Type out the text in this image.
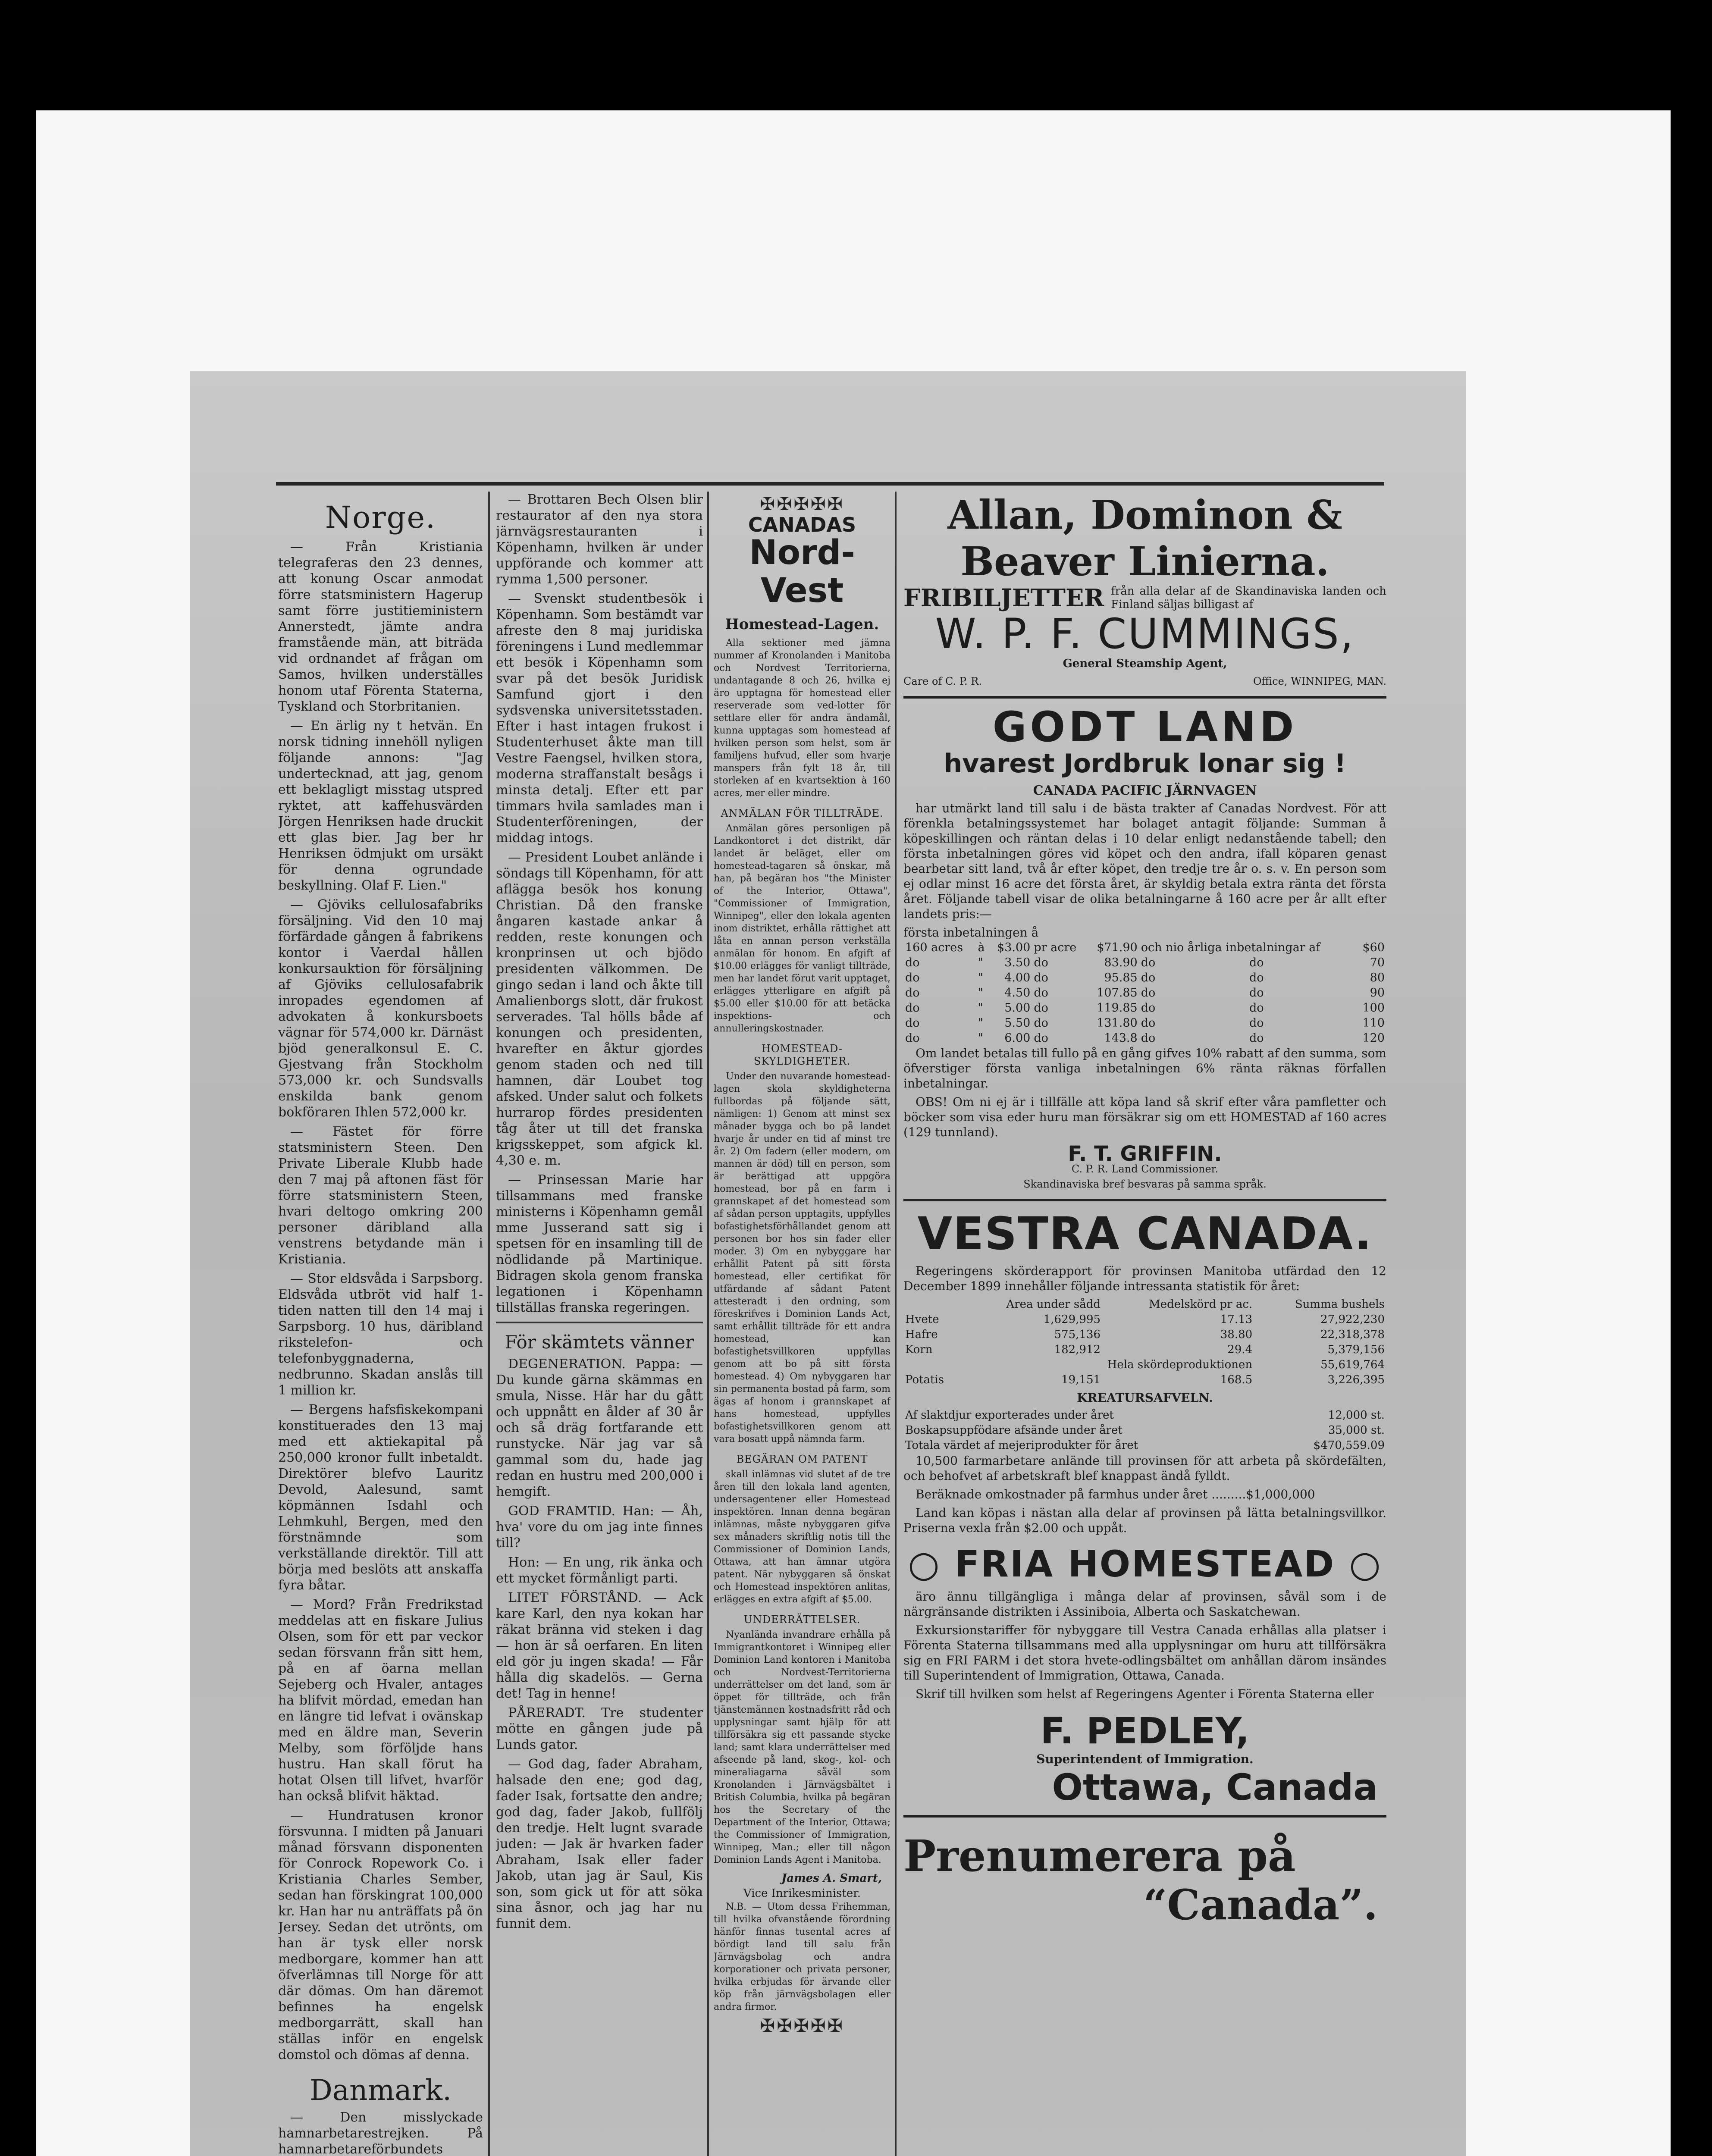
Norge.

— Från Kristiania telegraferas den 23 dennes, att konung Oscar anmodat förre statsministern Hagerup samt förre justitieministern Annerstedt, jämte andra framstående män, att biträda vid ordnandet af frågan om Samos, hvilken underställes honom utaf Förenta Staterna, Tyskland och Storbritanien.

— En ärlig ny t hetvän. En norsk tidning innehöll nyligen följande annons: "Jag undertecknad, att jag, genom ett beklagligt misstag utspred ryktet, att kaffehusvärden Jörgen Henriksen hade druckit ett glas bier. Jag ber hr Henriksen ödmjukt om ursäkt för denna ogrundade beskyllning. Olaf F. Lien."

— Gjöviks cellulosafabriks försäljning. Vid den 10 maj förfärdade gången å fabrikens kontor i Vaerdal hållen konkursauktion för försäljning af Gjöviks cellulosafabrik inropades egendomen af advokaten å konkursboets vägnar för 574,000 kr. Därnäst bjöd generalkonsul E. C. Gjestvang från Stockholm 573,000 kr. och Sundsvalls enskilda bank genom bokföraren Ihlen 572,000 kr.

— Fästet för förre statsministern Steen. Den Private Liberale Klubb hade den 7 maj på aftonen fäst för förre statsministern Steen, hvari deltogo omkring 200 personer däribland alla venstrens betydande män i Kristiania.

— Stor eldsvåda i Sarpsborg. Eldsvåda utbröt vid half 1-tiden natten till den 14 maj i Sarpsborg. 10 hus, däribland rikstelefon- och telefonbyggnaderna, nedbrunno. Skadan anslås till 1 million kr.

— Bergens hafsfiskekompani konstituerades den 13 maj med ett aktiekapital på 250,000 kronor fullt inbetaldt. Direktörer blefvo Lauritz Devold, Aalesund, samt köpmännen Isdahl och Lehmkuhl, Bergen, med den förstnämnde som verkställande direktör. Till att börja med beslöts att anskaffa fyra båtar.

— Mord? Från Fredrikstad meddelas att en fiskare Julius Olsen, som för ett par veckor sedan försvann från sitt hem, på en af öarna mellan Sejeberg och Hvaler, antages ha blifvit mördad, emedan han en längre tid lefvat i ovänskap med en äldre man, Severin Melby, som förföljde hans hustru. Han skall förut ha hotat Olsen till lifvet, hvarför han också blifvit häktad.

— Hundratusen kronor försvunna. I midten på Januari månad försvann disponenten för Conrock Ropework Co. i Kristiania Charles Sember, sedan han förskingrat 100,000 kr. Han har nu anträffats på ön Jersey. Sedan det utrönts, om han är tysk eller norsk medborgare, kommer han att öfverlämnas till Norge för att där dömas. Om han däremot befinnes ha engelsk medborgarrätt, skall han ställas inför en engelsk domstol och dömas af denna.

Danmark.

— Den misslyckade hamnarbetarestrejken. På hamnarbetareförbundets

— Brottaren Bech Olsen blir restaurator af den nya stora järnvägsrestauranten i Köpenhamn, hvilken är under uppförande och kommer att rymma 1,500 personer.

— Svenskt studentbesök i Köpenhamn. Som bestämdt var afreste den 8 maj juridiska föreningens i Lund medlemmar ett besök i Köpenhamn som svar på det besök Juridisk Samfund gjort i den sydsvenska universitetsstaden. Efter i hast intagen frukost i Studenterhuset åkte man till Vestre Faengsel, hvilken stora, moderna straffanstalt besågs i minsta detalj. Efter ett par timmars hvila samlades man i Studenterföreningen, der middag intogs.

— President Loubet anlände i söndags till Köpenhamn, för att aflägga besök hos konung Christian. Då den franske ångaren kastade ankar å redden, reste konungen och kronprinsen ut och bjödo presidenten välkommen. De gingo sedan i land och åkte till Amalienborgs slott, där frukost serverades. Tal hölls både af konungen och presidenten, hvarefter en åktur gjordes genom staden och ned till hamnen, där Loubet tog afsked. Under salut och folkets hurrarop fördes presidenten tåg åter ut till det franska krigsskeppet, som afgick kl. 4,30 e. m.

— Prinsessan Marie har tillsammans med franske ministerns i Köpenhamn gemål mme Jusserand satt sig i spetsen för en insamling till de nödlidande på Martinique. Bidragen skola genom franska legationen i Köpenhamn tillställas franska regeringen.

För skämtets vänner

DEGENERATION. Pappa: — Du kunde gärna skämmas en smula, Nisse. Här har du gått och uppnått en ålder af 30 år och så dräg fortfarande ett runstycke. När jag var så gammal som du, hade jag redan en hustru med 200,000 i hemgift.

GOD FRAMTID. Han: — Åh, hva' vore du om jag inte finnes till?

Hon: — En ung, rik änka och ett mycket förmånligt parti.

LITET FÖRSTÅND. — Ack kare Karl, den nya kokan har räkat bränna vid steken i dag — hon är så oerfaren. En liten eld gör ju ingen skada! — Får hålla dig skadelös. — Gerna det! Tag in henne!

PÅRERADT. Tre studenter mötte en gången jude på Lunds gator.

— God dag, fader Abraham, halsade den ene; god dag, fader Isak, fortsatte den andre; god dag, fader Jakob, fullfölj den tredje. Helt lugnt svarade juden: — Jak är hvarken fader Abraham, Isak eller fader Jakob, utan jag är Saul, Kis son, som gick ut för att söka sina åsnor, och jag har nu funnit dem.

✠✠✠✠✠
CANADAS
Nord-Vest
Homestead-Lagen.

Alla sektioner med jämna nummer af Kronolanden i Manitoba och Nordvest Territorierna, undantagande 8 och 26, hvilka ej äro upptagna för homestead eller reserverade som ved-lotter för settlare eller för andra ändamål, kunna upptagas som homestead af hvilken person som helst, som är familjens hufvud, eller som hvarje manspers från fylt 18 år, till storleken af en kvartsektion à 160 acres, mer eller mindre.

ANMÄLAN FÖR TILLTRÄDE.

Anmälan göres personligen på Landkontoret i det distrikt, där landet är beläget, eller om homestead-tagaren så önskar, må han, på begäran hos "the Minister of the Interior, Ottawa", "Commissioner of Immigration, Winnipeg", eller den lokala agenten inom distriktet, erhålla rättighet att låta en annan person verkställa anmälan för honom. En afgift af $10.00 erlägges för vanligt tillträde, men har landet förut varit upptaget, erlägges ytterligare en afgift på $5.00 eller $10.00 för att betäcka inspektions- och annulleringskostnader.

HOMESTEAD-SKYLDIGHETER.

Under den nuvarande homestead-lagen skola skyldigheterna fullbordas på följande sätt, nämligen: 1) Genom att minst sex månader bygga och bo på landet hvarje år under en tid af minst tre år. 2) Om fadern (eller modern, om mannen är död) till en person, som är berättigad att uppgöra homestead, bor på en farm i grannskapet af det homestead som af sådan person upptagits, uppfylles bofastighetsförhållandet genom att personen bor hos sin fader eller moder. 3) Om en nybyggare har erhållit Patent på sitt första homestead, eller certifikat för utfärdande af sådant Patent attesteradt i den ordning, som föreskrifves i Dominion Lands Act, samt erhållit tillträde för ett andra homestead, kan bofastighetsvillkoren uppfyllas genom att bo på sitt första homestead. 4) Om nybyggaren har sin permanenta bostad på farm, som ägas af honom i grannskapet af hans homestead, uppfylles bofastighetsvillkoren genom att vara bosatt uppå nämnda farm.

BEGÄRAN OM PATENT

skall inlämnas vid slutet af de tre åren till den lokala land agenten, undersagentener eller Homestead inspektören. Innan denna begäran inlämnas, måste nybyggaren gifva sex månaders skriftlig notis till the Commissioner of Dominion Lands, Ottawa, att han ämnar utgöra patent. När nybyggaren så önskat och Homestead inspektören anlitas, erlägges en extra afgift af $5.00.

UNDERRÄTTELSER.

Nyanlända invandrare erhålla på Immigrantkontoret i Winnipeg eller Dominion Land kontoren i Manitoba och Nordvest-Territorierna underrättelser om det land, som är öppet för tillträde, och från tjänstemännen kostnadsfritt råd och upplysningar samt hjälp för att tillförsäkra sig ett passande stycke land; samt klara underrättelser med afseende på land, skog-, kol- och mineraliagarna såväl som Kronolanden i Järnvägsbältet i British Columbia, hvilka på begäran hos the Secretary of the Department of the Interior, Ottawa; the Commissioner of Immigration, Winnipeg, Man.; eller till någon Dominion Lands Agent i Manitoba.

James A. Smart,
Vice Inrikesminister.

N.B. — Utom dessa Frihemman, till hvilka ofvanstående förordning hänför finnas tusental acres af bördigt land till salu från Järnvägsbolag och andra korporationer och privata personer, hvilka erbjudas för ärvande eller köp från järnvägsbolagen eller andra firmor.

✠✠✠✠✠
Allan, Dominon &
Beaver Linierna.
FRIBILJETTER från alla delar af de Skandinaviska landen och Finland säljas billigast af
W. P. F. CUMMINGS,
General Steamship Agent,
Care of C. P. R.	Office, WINNIPEG, MAN.
GODT LAND
hvarest Jordbruk lonar sig !
CANADA PACIFIC JÄRNVAGEN

har utmärkt land till salu i de bästa trakter af Canadas Nordvest. För att förenkla betalningssystemet har bolaget antagit följande: Summan å köpeskillingen och räntan delas i 10 delar enligt nedanstående tabell; den första inbetalningen göres vid köpet och den andra, ifall köparen genast bearbetar sitt land, två år efter köpet, den tredje tre år o. s. v. En person som ej odlar minst 16 acre det första året, är skyldig betala extra ränta det första året. Följande tabell visar de olika betalningarne å 160 acre per år allt efter landets pris:—

första inbetalningen å
160 acres	à	$3.00	pr acre	$71.90	och nio årliga inbetalningar af		$60
do	"	3.50	do	83.90	do	do	70
do	"	4.00	do	95.85	do	do	80
do	"	4.50	do	107.85	do	do	90
do	"	5.00	do	119.85	do	do	100
do	"	5.50	do	131.80	do	do	110
do	"	6.00	do	143.8	do	do	120

Om landet betalas till fullo på en gång gifves 10% rabatt af den summa, som öfverstiger första vanliga inbetalningen 6% ränta räknas förfallen inbetalningar.

OBS! Om ni ej är i tillfälle att köpa land så skrif efter våra pamfletter och böcker som visa eder huru man försäkrar sig om ett HOMESTAD af 160 acres (129 tunnland).

F. T. GRIFFIN.
C. P. R. Land Commissioner.
Skandinaviska bref besvaras på samma språk.
VESTRA CANADA.

Regeringens skörderapport för provinsen Manitoba utfärdad den 12 December 1899 innehåller följande intressanta statistik för året:

	Area under sådd	Medelskörd pr ac.	Summa bushels
Hvete	1,629,995	17.13	27,922,230
Hafre	575,136	38.80	22,318,378
Korn	182,912	29.4	5,379,156
Hela skördeproduktionen			55,619,764
Potatis	19,151	168.5	3,226,395
KREATURSAFVELN.
Af slaktdjur exporterades under året	12,000 st.
Boskapsuppfödare afsände under året	35,000 st.
Totala värdet af mejeriprodukter för året	$470,559.09

10,500 farmarbetare anlände till provinsen för att arbeta på skördefälten, och behofvet af arbetskraft blef knappast ändå fylldt.

Beräknade omkostnader på farmhus under året .........$1,000,000

Land kan köpas i nästan alla delar af provinsen på lätta betalningsvillkor. Priserna vexla från $2.00 och uppåt.

○ FRIA HOMESTEAD ○

äro ännu tillgängliga i många delar af provinsen, såväl som i de närgränsande distrikten i Assiniboia, Alberta och Saskatchewan.

Exkursionstariffer för nybyggare till Vestra Canada erhållas alla platser i Förenta Staterna tillsammans med alla upplysningar om huru att tillförsäkra sig en FRI FARM i det stora hvete-odlingsbältet om anhållan därom insändes till Superintendent of Immigration, Ottawa, Canada.

Skrif till hvilken som helst af Regeringens Agenter i Förenta Staterna eller

F. PEDLEY,
Superintendent of Immigration.
Ottawa, Canada
Prenumerera på
“Canada”.
